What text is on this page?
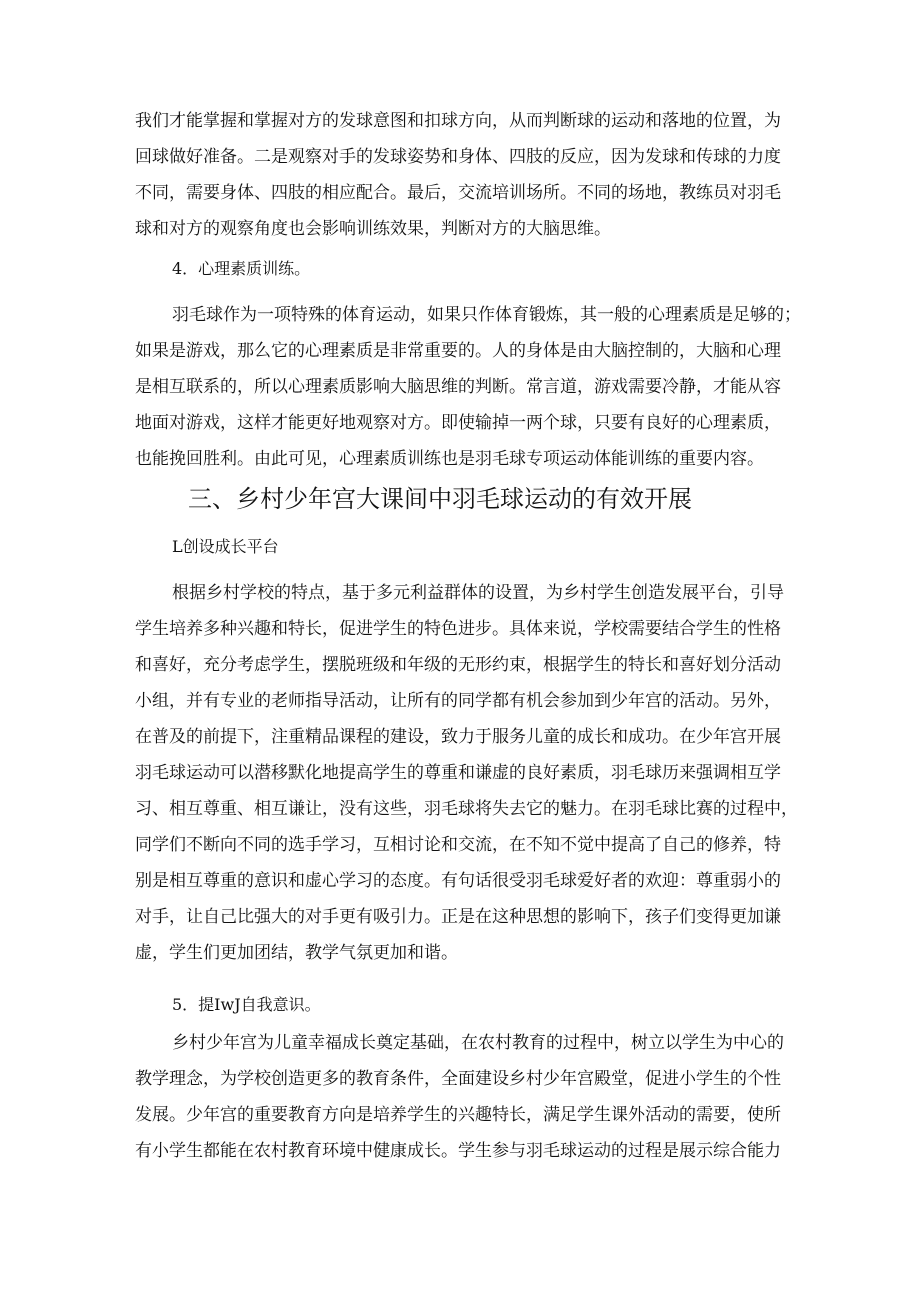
我们才能掌握和掌握对方的发球意图和扣球方向，从而判断球的运动和落地的位置，为
回球做好准备。二是观察对手的发球姿势和身体、四肢的反应，因为发球和传球的力度
不同，需要身体、四肢的相应配合。最后，交流培训场所。不同的场地，教练员对羽毛
球和对方的观察角度也会影响训练效果，判断对方的大脑思维。
4．心理素质训练。
羽毛球作为一项特殊的体育运动，如果只作体育锻炼，其一般的心理素质是足够的；
如果是游戏，那么它的心理素质是非常重要的。人的身体是由大脑控制的，大脑和心理
是相互联系的，所以心理素质影响大脑思维的判断。常言道，游戏需要冷静，才能从容
地面对游戏，这样才能更好地观察对方。即使输掉一两个球，只要有良好的心理素质，
也能挽回胜利。由此可见，心理素质训练也是羽毛球专项运动体能训练的重要内容。
三、乡村少年宫大课间中羽毛球运动的有效开展
L创设成长平台
根据乡村学校的特点，基于多元利益群体的设置，为乡村学生创造发展平台，引导
学生培养多种兴趣和特长，促进学生的特色进步。具体来说，学校需要结合学生的性格
和喜好，充分考虑学生，摆脱班级和年级的无形约束，根据学生的特长和喜好划分活动
小组，并有专业的老师指导活动，让所有的同学都有机会参加到少年宫的活动。另外，
在普及的前提下，注重精品课程的建设，致力于服务儿童的成长和成功。在少年宫开展
羽毛球运动可以潜移默化地提高学生的尊重和谦虚的良好素质，羽毛球历来强调相互学
习、相互尊重、相互谦让，没有这些，羽毛球将失去它的魅力。在羽毛球比赛的过程中，
同学们不断向不同的选手学习，互相讨论和交流，在不知不觉中提高了自己的修养，特
别是相互尊重的意识和虚心学习的态度。有句话很受羽毛球爱好者的欢迎：尊重弱小的
对手，让自己比强大的对手更有吸引力。正是在这种思想的影响下，孩子们变得更加谦
虚，学生们更加团结，教学气氛更加和谐。
5．提IwJ自我意识。
乡村少年宫为儿童幸福成长奠定基础，在农村教育的过程中，树立以学生为中心的
教学理念，为学校创造更多的教育条件，全面建设乡村少年宫殿堂，促进小学生的个性
发展。少年宫的重要教育方向是培养学生的兴趣特长，满足学生课外活动的需要，使所
有小学生都能在农村教育环境中健康成长。学生参与羽毛球运动的过程是展示综合能力
